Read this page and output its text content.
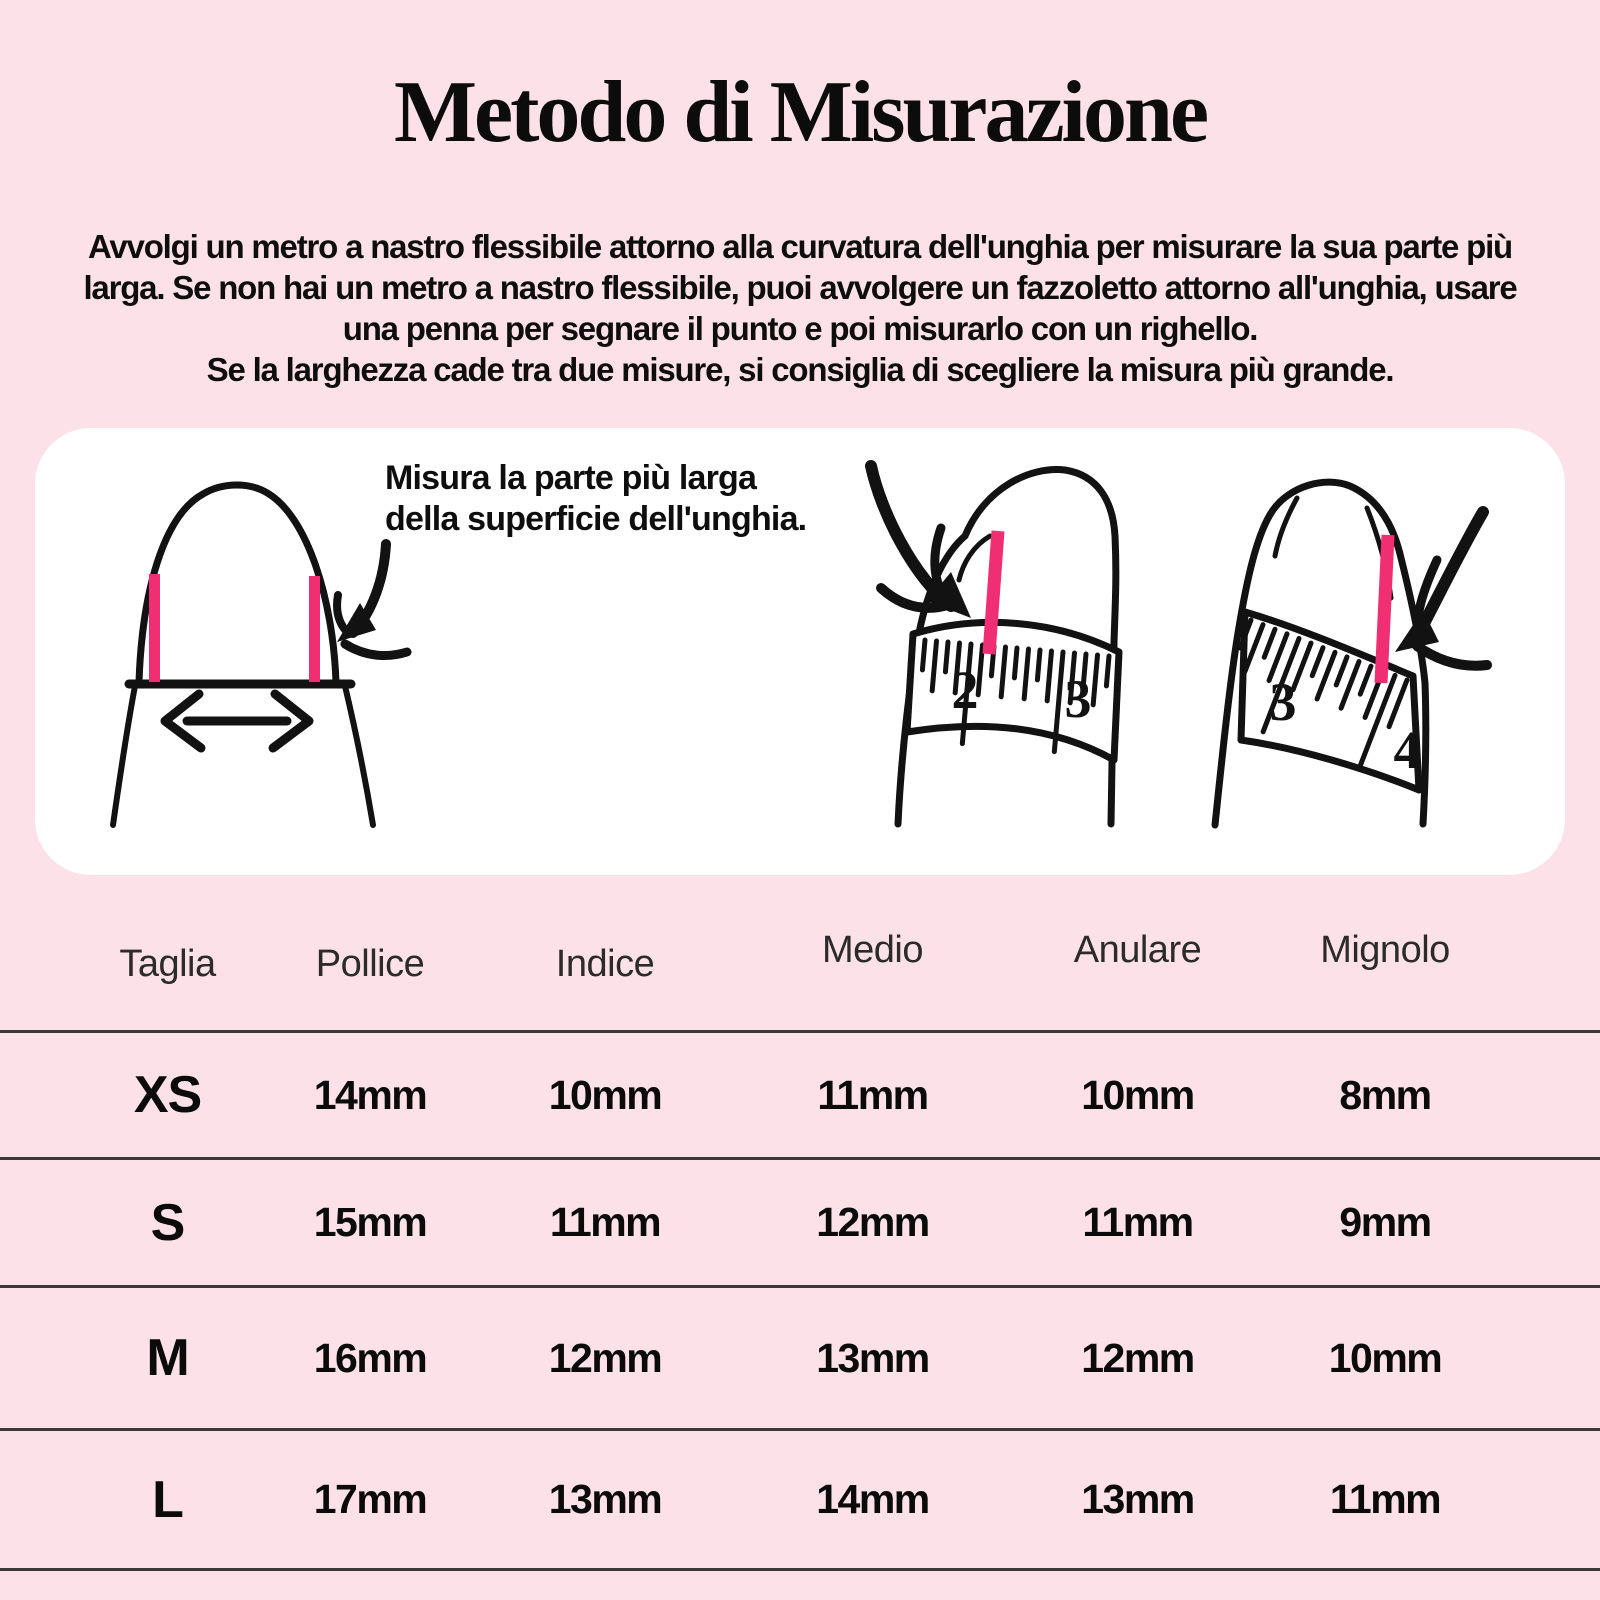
Metodo di Misurazione
Avvolgi un metro a nastro flessibile attorno alla curvatura dell'unghia per misurare la sua parte più
larga. Se non hai un metro a nastro flessibile, puoi avvolgere un fazzoletto attorno all'unghia, usare
una penna per segnare il punto e poi misurarlo con un righello.
Se la larghezza cade tra due misure, si consiglia di scegliere la misura più grande.
2 3	3
4
Misura la parte più larga
della superficie dell'unghia.
Taglia	Pollice	Indice	Medio	Anulare	Mignolo
XS	14mm	10mm	11mm	10mm	8mm
S	15mm	11mm	12mm	11mm	9mm
M	16mm	12mm	13mm	12mm	10mm
L	17mm	13mm	14mm	13mm	11mm
